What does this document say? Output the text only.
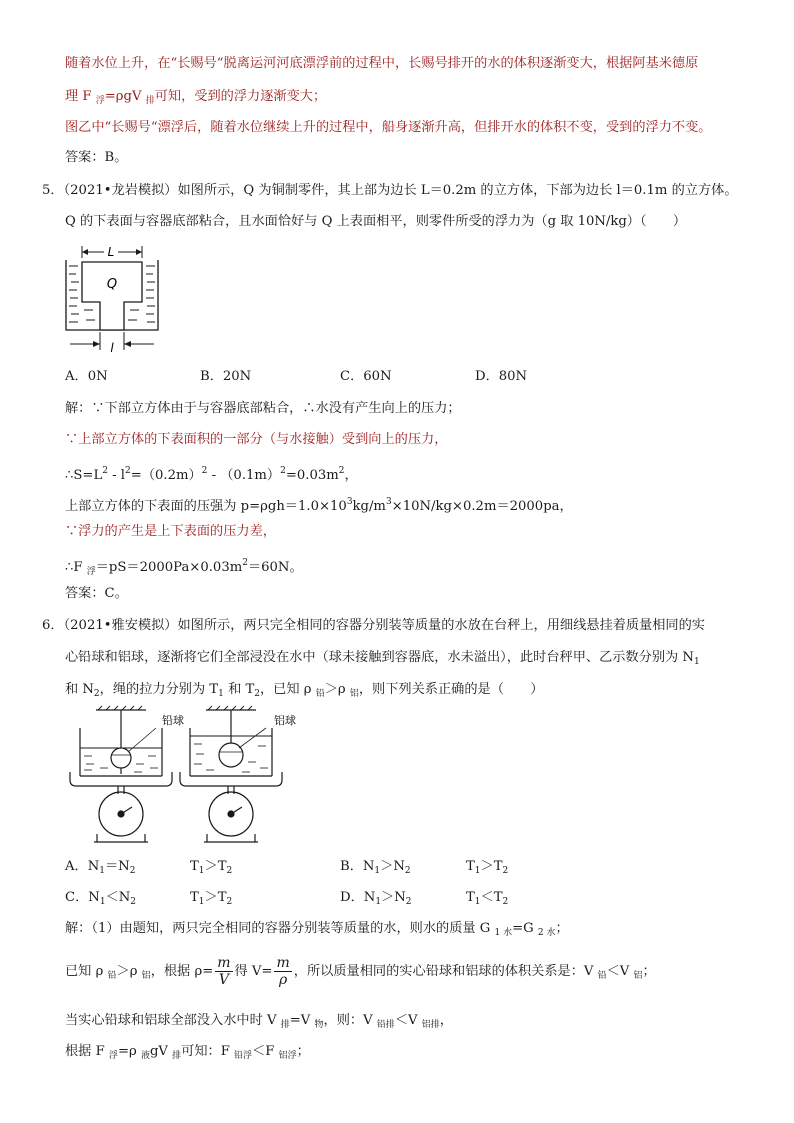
随着水位上升，在“长赐号“脱离运河河底漂浮前的过程中，长赐号排开的水的体积逐渐变大，根据阿基米德原
理 F $_浮$=ρgV $_排$可知，受到的浮力逐渐变大；
图乙中“长赐号“漂浮后，随着水位继续上升的过程中，船身逐渐升高，但排开水的体积不变，受到的浮力不变。
答案：B。
5．（2021•龙岩模拟）如图所示，Q 为铜制零件，其上部为边长 L＝0.2m 的立方体，下部为边长 l＝0.1m 的立方体。
Q 的下表面与容器底部粘合，且水面恰好与 Q 上表面相平，则零件所受的浮力为（g 取 10N/kg）（　　）
L
Q
l
A．0N	B．20N	C．60N	D．80N
解：∵下部立方体由于与容器底部粘合，∴水没有产生向上的压力；
∵上部立方体的下表面积的一部分（与水接触）受到向上的压力，
$\therefore S=L^2 - l^2=(0.2m)^2 - (0.1m)^2=0.03m^2$，
上部立方体的下表面的压强为 $p=\rho gh=1.0\times 10^3kg/m^3\times 10N/kg\times 0.2m=2000pa$，
∵浮力的产生是上下表面的压力差，
∴F $_浮=pS=2000Pa\times 0.03m^2=60N$。
答案：C。
6．（2021•雅安模拟）如图所示，两只完全相同的容器分别装等质量的水放在台秤上，用细线悬挂着质量相同的实
心铅球和铝球，逐渐将它们全部浸没在水中（球未接触到容器底，水未溢出），此时台秤甲、乙示数分别为 $N_1$
和 $N_2$，绳的拉力分别为 $T_1$ 和 $T_2$，已知 ρ $_铅$＞ρ $_铝$，则下列关系正确的是（　　）
铅球	铝球
A．$N_1=N_2$	$T_1>T_2$	B．$N_1>N_2$	$T_1>T_2$
C．$N_1<N_2$	$T_1>T_2$	D．$N_1>N_2$	$T_1<T_2$
解：（1）由题知，两只完全相同的容器分别装等质量的水，则水的质量 G $_{1 水}$=G $_{2 水}$；
已知 ρ $_铅$＞ρ $_铝$，根据 $\rho= \frac{m}{V}$ 得 $V= \frac{m}{\rho}$ ，所以质量相同的实心铅球和铝球的体积关系是：V $_铅$＜V $_铝$；
当实心铅球和铝球全部没入水中时 V $_排$=V $_物$，则：V $_{铅排}$＜V $_{铝排}$，
根据 F $_浮$=ρ $_液$gV $_排$可知：F $_{铅浮}$＜F $_{铝浮}$；
